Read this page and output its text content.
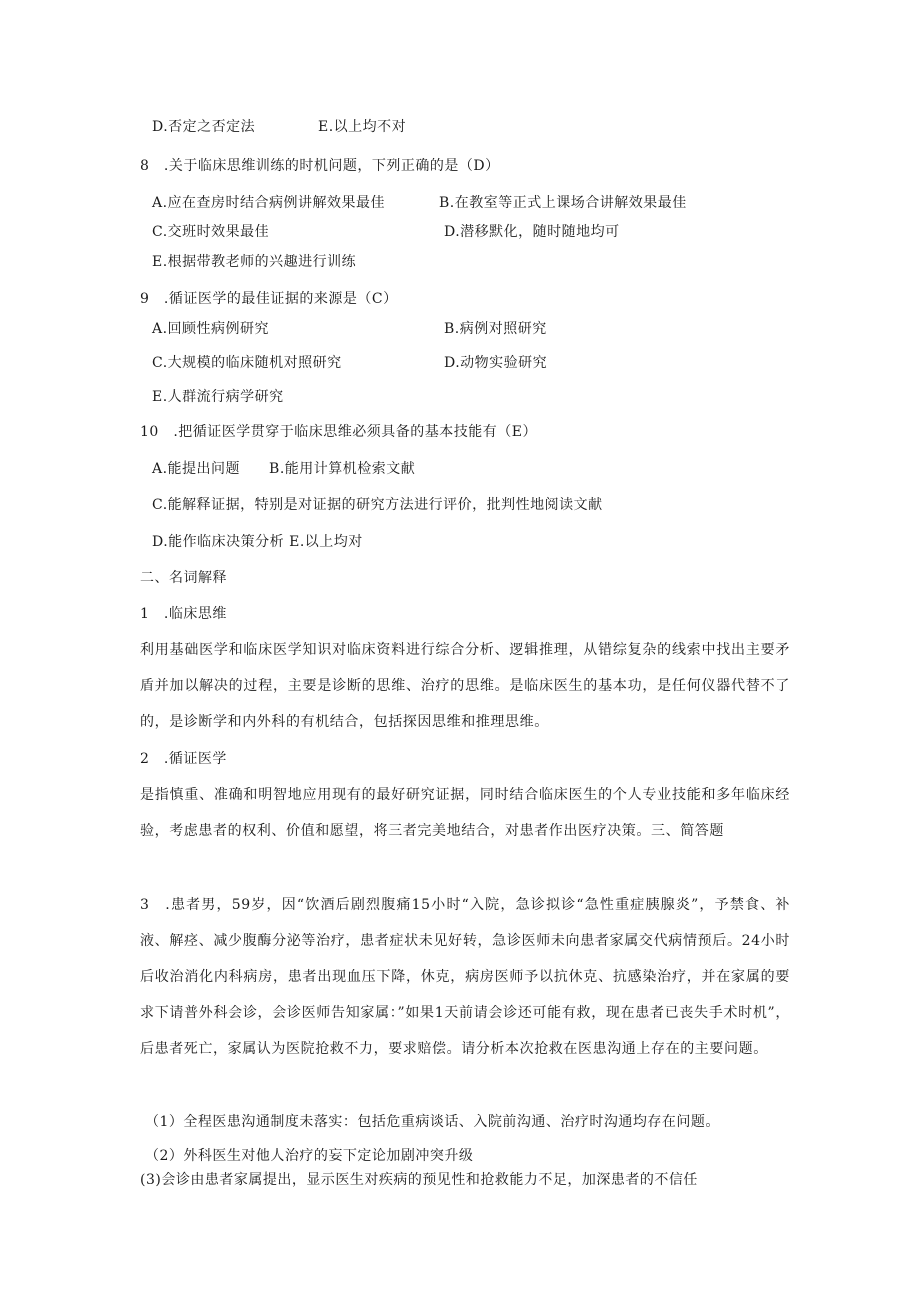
D.否定之否定法	E.以上均不对
8　.关于临床思维训练的时机问题，下列正确的是（D）
A.应在查房时结合病例讲解效果最佳	B.在教室等正式上课场合讲解效果最佳
C.交班时效果最佳	D.潜移默化，随时随地均可
E.根据带教老师的兴趣进行训练
9　.循证医学的最佳证据的来源是（C）
A.回顾性病例研究	B.病例对照研究
C.大规模的临床随机对照研究	D.动物实验研究
E.人群流行病学研究
10　.把循证医学贯穿于临床思维必须具备的基本技能有（E）
A.能提出问题　　B.能用计算机检索文献
C.能解释证据，特别是对证据的研究方法进行评价，批判性地阅读文献
D.能作临床决策分析 E.以上均对
二、名词解释
1　.临床思维
利用基础医学和临床医学知识对临床资料进行综合分析、逻辑推理，从错综复杂的线索中找出主要矛盾并加以解决的过程，主要是诊断的思维、治疗的思维。是临床医生的基本功，是任何仪器代替不了的，是诊断学和内外科的有机结合，包括探因思维和推理思维。
2　.循证医学
是指慎重、准确和明智地应用现有的最好研究证据，同时结合临床医生的个人专业技能和多年临床经验，考虑患者的权利、价值和愿望，将三者完美地结合，对患者作出医疗决策。三、简答题
3　.患者男，59岁，因“饮酒后剧烈腹痛15小时“入院，急诊拟诊“急性重症胰腺炎”，予禁食、补液、解痉、减少腹酶分泌等治疗，患者症状未见好转，急诊医师未向患者家属交代病情预后。24小时后收治消化内科病房，患者出现血压下降，休克，病房医师予以抗休克、抗感染治疗，并在家属的要求下请普外科会诊，会诊医师告知家属：”如果1天前请会诊还可能有救，现在患者已丧失手术时机”，后患者死亡，家属认为医院抢救不力，要求赔偿。请分析本次抢救在医患沟通上存在的主要问题。
（1）全程医患沟通制度未落实：包括危重病谈话、入院前沟通、治疗时沟通均存在问题。
（2）外科医生对他人治疗的妄下定论加剧冲突升级
(3)会诊由患者家属提出，显示医生对疾病的预见性和抢救能力不足，加深患者的不信任
